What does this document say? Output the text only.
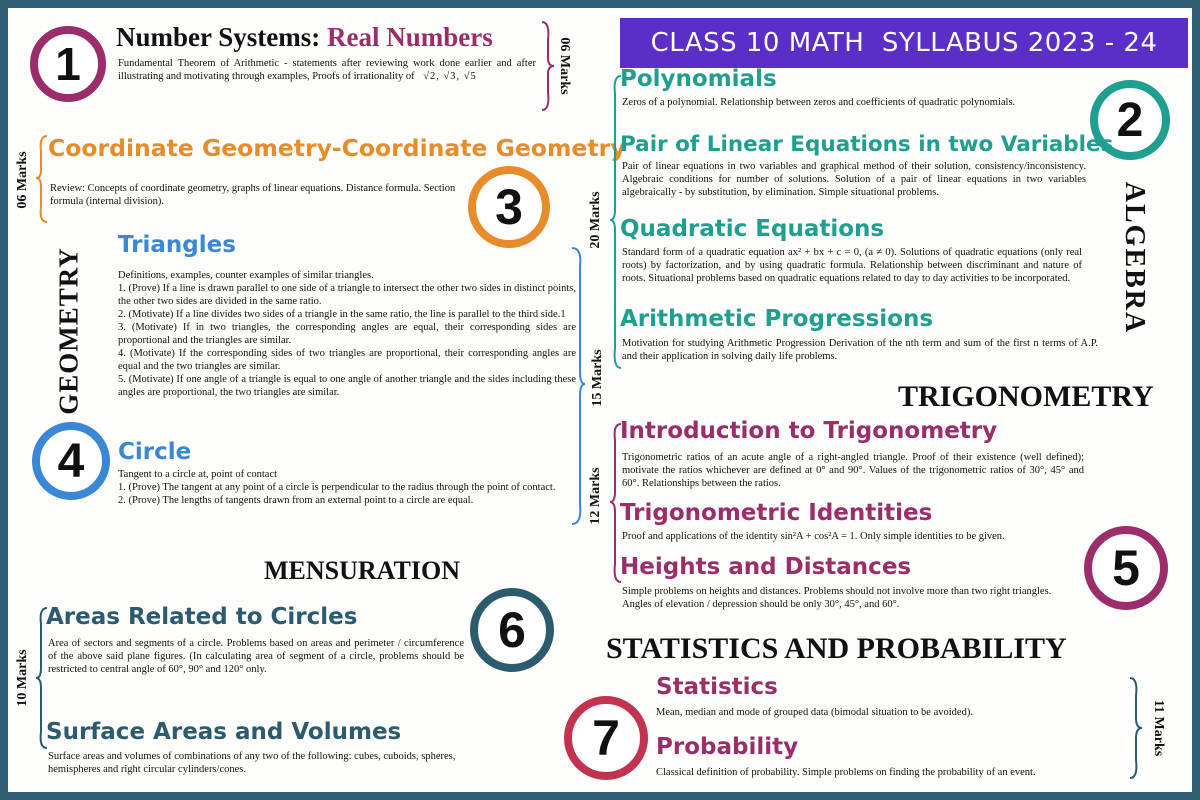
CLASS 10 MATH  SYLLABUS 2023 - 24
1
Number Systems: Real Numbers
Fundamental Theorem of Arithmetic - statements after reviewing work done earlier and after illustrating and motivating through examples, Proofs of irrationality of √2, √3, √5	06 Marks
06 Marks
Coordinate Geometry-Coordinate Geometry
Review: Concepts of coordinate geometry, graphs of linear equations. Distance formula. Section formula (internal division).	3
GEOMETRY
Triangles

Definitions, examples, counter examples of similar triangles.

1. (Prove) If a line is drawn parallel to one side of a triangle to intersect the other two sides in distinct points, the other two sides are divided in the same ratio.

2. (Motivate) If a line divides two sides of a triangle in the same ratio, the line is parallel to the third side.1

3. (Motivate) If in two triangles, the corresponding angles are equal, their corresponding sides are proportional and the triangles are similar.

4. (Motivate) If the corresponding sides of two triangles are proportional, their corresponding angles are equal and the two triangles are similar.

5. (Motivate) If one angle of a triangle is equal to one angle of another triangle and the sides including these angles are proportional, the two triangles are similar.

4 Circle

Tangent to a circle at, point of contact

1. (Prove) The tangent at any point of a circle is perpendicular to the radius through the point of contact.

2. (Prove) The lengths of tangents drawn from an external point to a circle are equal.

15 Marks
20 Marks
Polynomials
Zeros of a polynomial. Relationship between zeros and coefficients of quadratic polynomials.	2
Pair of Linear Equations in two Variables
Pair of linear equations in two variables and graphical method of their solution, consistency/inconsistency. Algebraic conditions for number of solutions. Solution of a pair of linear equations in two variables algebraically - by substitution, by elimination. Simple situational problems.	ALGEBRA
Quadratic Equations
Standard form of a quadratic equation ax² + bx + c = 0, (a ≠ 0). Solutions of quadratic equations (only real roots) by factorization, and by using quadratic formula. Relationship between discriminant and nature of roots. Situational problems based on quadratic equations related to day to day activities to be incorporated.
Arithmetic Progressions
Motivation for studying Arithmetic Progression Derivation of the nth term and sum of the first n terms of A.P. and their application in solving daily life problems.
TRIGONOMETRY
12 Marks
Introduction to Trigonometry
Trigonometric ratios of an acute angle of a right-angled triangle. Proof of their existence (well defined); motivate the ratios whichever are defined at 0° and 90°. Values of the trigonometric ratios of 30°, 45° and 60°. Relationships between the ratios.
Trigonometric Identities
Proof and applications of the identity sin²A + cos²A = 1. Only simple identities to be given.
5
Heights and Distances
Simple problems on heights and distances. Problems should not involve more than two right triangles. Angles of elevation / depression should be only 30°, 45°, and 60°.
MENSURATION
6
10 Marks
Areas Related to Circles
Area of sectors and segments of a circle. Problems based on areas and perimeter / circumference of the above said plane figures. (In calculating area of segment of a circle, problems should be restricted to central angle of 60°, 90° and 120° only.
Surface Areas and Volumes
Surface areas and volumes of combinations of any two of the following: cubes, cuboids, spheres, hemispheres and right circular cylinders/cones.
STATISTICS AND PROBABILITY
7
Statistics
Mean, median and mode of grouped data (bimodal situation to be avoided).
Probability
Classical definition of probability. Simple problems on finding the probability of an event.
11 Marks
